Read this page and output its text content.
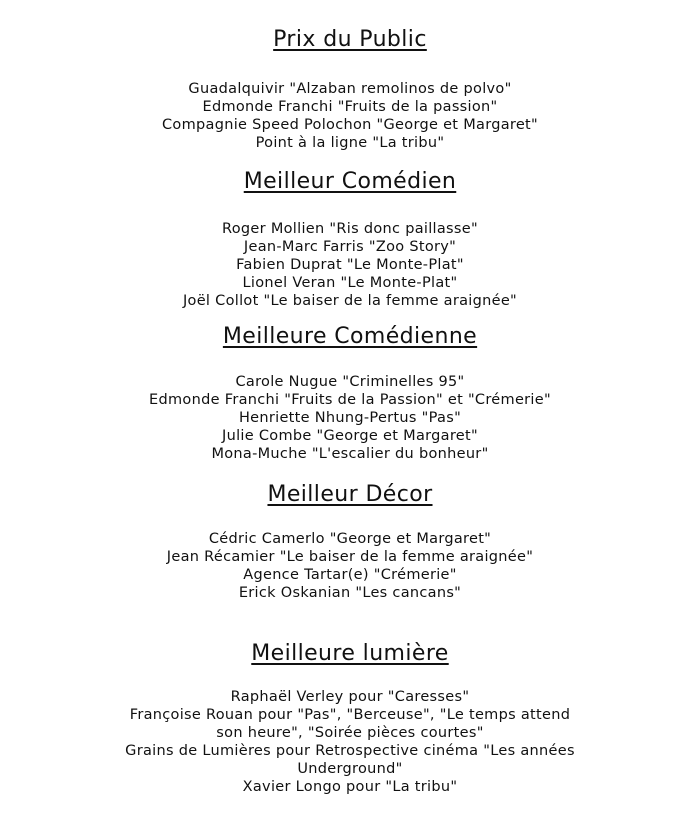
Prix du Public
Guadalquivir "Alzaban remolinos de polvo"
Edmonde Franchi "Fruits de la passion"
Compagnie Speed Polochon "George et Margaret"
Point à la ligne "La tribu"
Meilleur Comédien
Roger Mollien "Ris donc paillasse"
Jean-Marc Farris "Zoo Story"
Fabien Duprat "Le Monte-Plat"
Lionel Veran "Le Monte-Plat"
Joël Collot "Le baiser de la femme araignée"
Meilleure Comédienne
Carole Nugue "Criminelles 95"
Edmonde Franchi "Fruits de la Passion" et "Crémerie"
Henriette Nhung-Pertus "Pas"
Julie Combe "George et Margaret"
Mona-Muche "L'escalier du bonheur"
Meilleur Décor
Cédric Camerlo "George et Margaret"
Jean Récamier "Le baiser de la femme araignée"
Agence Tartar(e) "Crémerie"
Erick Oskanian "Les cancans"
Meilleure lumière
Raphaël Verley pour "Caresses"
Françoise Rouan pour "Pas", "Berceuse", "Le temps attend
son heure", "Soirée pièces courtes"
Grains de Lumières pour Retrospective cinéma "Les années
Underground"
Xavier Longo pour "La tribu"
